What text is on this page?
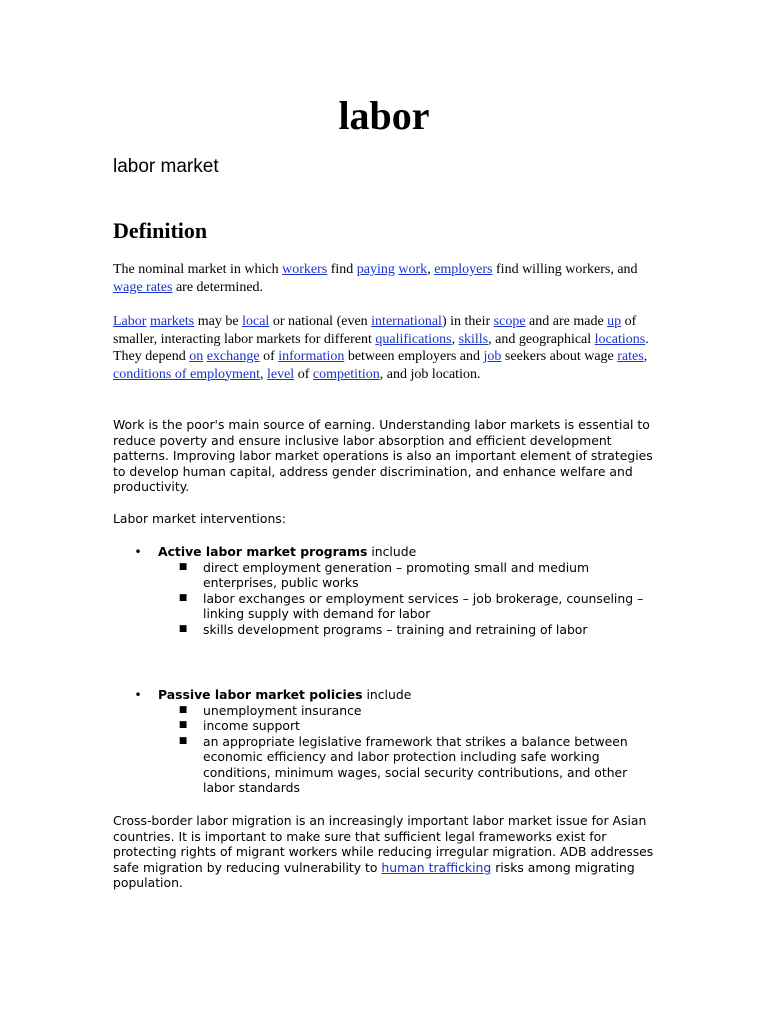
labor
labor market
Definition

The nominal market in which workers find paying work, employers find willing workers, and wage rates are determined.

Labor markets may be local or national (even international) in their scope and are made up of smaller, interacting labor markets for different qualifications, skills, and geographical locations. They depend on exchange of information between employers and job seekers about wage rates, conditions of employment, level of competition, and job location.

Work is the poor's main source of earning. Understanding labor markets is essential to reduce poverty and ensure inclusive labor absorption and efficient development patterns. Improving labor market operations is also an important element of strategies to develop human capital, address gender discrimination, and enhance welfare and productivity.

Labor market interventions:

• Active labor market programs include
■ direct employment generation – promoting small and medium enterprises, public works
■ labor exchanges or employment services – job brokerage, counseling – linking supply with demand for labor
■ skills development programs – training and retraining of labor
• Passive labor market policies include
■ unemployment insurance
■ income support
■ an appropriate legislative framework that strikes a balance between economic efficiency and labor protection including safe working conditions, minimum wages, social security contributions, and other labor standards

Cross-border labor migration is an increasingly important labor market issue for Asian countries. It is important to make sure that sufficient legal frameworks exist for protecting rights of migrant workers while reducing irregular migration. ADB addresses safe migration by reducing vulnerability to human trafficking risks among migrating population.
